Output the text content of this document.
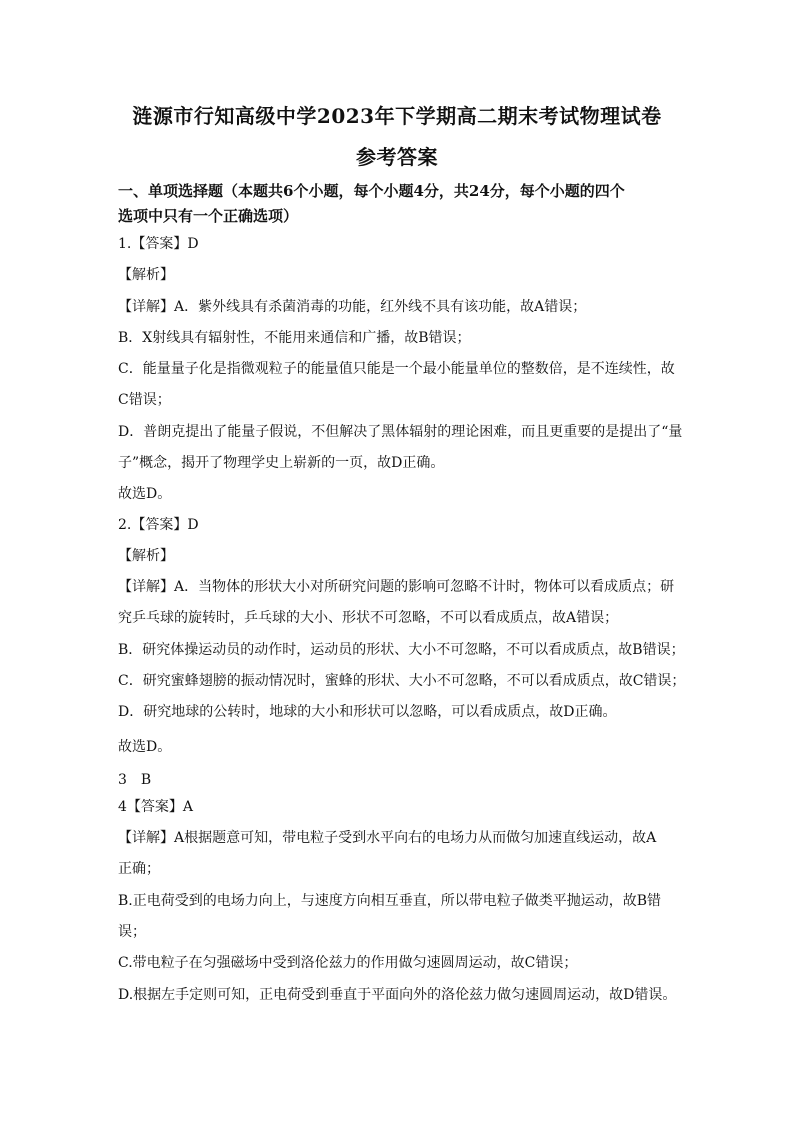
涟源市行知高级中学2023年下学期高二期末考试物理试卷
参考答案
一、单项选择题（本题共6个小题，每个小题4分，共24分，每个小题的四个
选项中只有一个正确选项）
1.【答案】D
【解析】
【详解】A．紫外线具有杀菌消毒的功能，红外线不具有该功能，故A错误；
B．X射线具有辐射性，不能用来通信和广播，故B错误；
C．能量量子化是指微观粒子的能量值只能是一个最小能量单位的整数倍，是不连续性，故
C错误；
D．普朗克提出了能量子假说，不但解决了黑体辐射的理论困难，而且更重要的是提出了“量
子”概念，揭开了物理学史上崭新的一页，故D正确。
故选D。
2.【答案】D
【解析】
【详解】A．当物体的形状大小对所研究问题的影响可忽略不计时，物体可以看成质点；研
究乒乓球的旋转时，乒乓球的大小、形状不可忽略，不可以看成质点，故A错误；
B．研究体操运动员的动作时，运动员的形状、大小不可忽略，不可以看成质点，故B错误；
C．研究蜜蜂翅膀的振动情况时，蜜蜂的形状、大小不可忽略，不可以看成质点，故C错误；
D．研究地球的公转时，地球的大小和形状可以忽略，可以看成质点，故D正确。
故选D。
3　B
4【答案】A
【详解】A根据题意可知，带电粒子受到水平向右的电场力从而做匀加速直线运动，故A
正确；
B.正电荷受到的电场力向上，与速度方向相互垂直，所以带电粒子做类平抛运动，故B错
误；
C.带电粒子在匀强磁场中受到洛伦兹力的作用做匀速圆周运动，故C错误；
D.根据左手定则可知，正电荷受到垂直于平面向外的洛伦兹力做匀速圆周运动，故D错误。
